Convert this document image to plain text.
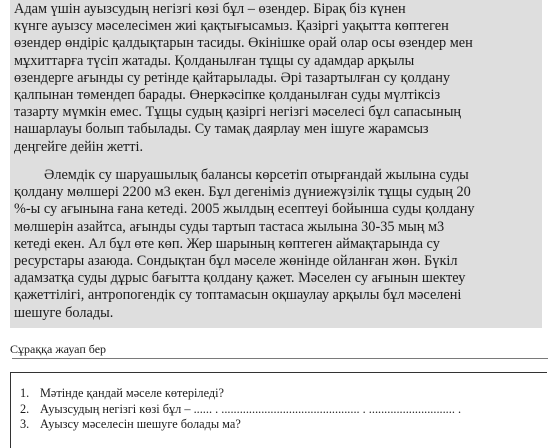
Адам үшін ауызсудың негізгі көзі бұл – өзендер. Бірақ біз күнен
күнге ауызсу мәселесімен жиі қақтығысамыз. Қазіргі уақытта көптеген
өзендер өндіріс қалдықтарын тасиды. Өкінішке орай олар осы өзендер мен
мұхиттарға түсіп жатады. Қолданылған тұщы су адамдар арқылы
өзендерге ағынды су ретінде қайтарылады. Әрі тазартылған су қолдану
қалпынан төмендеп барады. Өнеркәсіпке қолданылған суды мүлтіксіз
тазарту мүмкін емес. Тұщы судың қазіргі негізгі мәселесі бұл сапасының
нашарлауы болып табылады. Су тамақ даярлау мен ішуге жарамсыз
деңгейге дейін жетті.
Әлемдік су шаруашылық балансы көрсетіп отырғандай жылына суды
қолдану мөлшері 2200 м3 екен. Бұл дегеніміз дүниежүзілік тұщы судың 20
%-ы су ағынына ғана кетеді. 2005 жылдың есептеуі бойынша суды қолдану
мөлшерін азайтса, ағынды суды тартып тастаса жылына 30-35 мың м3
кетеді екен. Ал бұл өте көп. Жер шарының көптеген аймақтарында су
ресурстары азаюда. Сондықтан бұл мәселе жөнінде ойланған жөн. Бүкіл
адамзатқа суды дұрыс бағытта қолдану қажет. Мәселен су ағынын шектеу
қажеттілігі, антропогендік су топтамасын оқшаулау арқылы бұл мәселені
шешуге болады.
Сұраққа жауап бер
1. Мәтінде қандай мәселе көтеріледі?
2. Ауызсудың негізгі көзі бұл – ...... . ............................................. . ............................ .
3. Ауызсу мәселесін шешуге болады ма?
